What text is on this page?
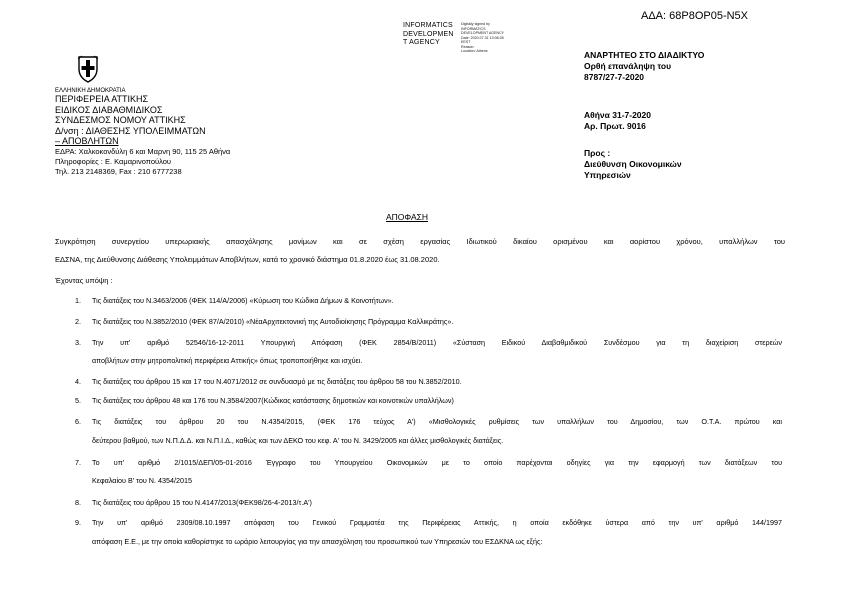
ΑΔΑ: 68Ρ8ΟΡ05-Ν5Χ
INFORMATICS
DEVELOPMEN
T AGENCY
Digitally signed by
INFORMATICS
DEVELOPMENT AGENCY
Date: 2020.07.31 13:08:28
EEST
Reason:
Location: Athens	ΑΝΑΡΤΗΤΕΟ ΣΤΟ ΔΙΑΔΙΚΤΥΟ
Ορθή επανάληψη του
8787/27-7-2020
ΕΛΛΗΝΙΚΗ ΔΗΜΟΚΡΑΤΙΑ
ΠΕΡΙΦΕΡΕΙΑ ΑΤΤΙΚΗΣ
ΕΙΔΙΚΟΣ ΔΙΑΒΑΘΜΙΔΙΚΟΣ
ΣΥΝΔΕΣΜΟΣ ΝΟΜΟΥ ΑΤΤΙΚΗΣ
Δ/νση : ΔΙΑΘΕΣΗΣ ΥΠΟΛΕΙΜΜΑΤΩΝ
– ΑΠΟΒΛΗΤΩΝ
ΕΔΡΑ: Χαλκοκονδύλη 6 και Μαρνη 90, 115 25 Αθήνα
Πληροφορίες : Ε. Καμαρινοπούλου
Τηλ. 213 2148369, Fax : 210 6777238
Αθήνα 31-7-2020
Αρ. Πρωτ. 9016
Προς :
Διεύθυνση Οικονομικών
Υπηρεσιών
ΑΠΟΦΑΣΗ
Συγκρότηση συνεργείου υπερωριακής απασχόλησης μονίμων και σε σχέση εργασίας Ιδιωτικού δικαίου ορισμένου και αορίστου χρόνου, υπαλλήλων του
ΕΔΣΝΑ, της Διεύθυνσης Διάθεσης Υπολειμμάτων Αποβλήτων, κατά το χρονικό διάστημα 01.8.2020 έως 31.08.2020.
Έχοντας υπόψη :
1. Τις διατάξεις του Ν.3463/2006 (ΦΕΚ 114/Α/2006) «Κύρωση του Κώδικα Δήμων & Κοινοτήτων».
2. Τις διατάξεις του Ν.3852/2010 (ΦΕΚ 87/Α/2010) «ΝέαΑρχιτεκτονική της Αυτοδιοίκησης Πρόγραμμα Καλλικράτης».
3. Την υπ' αριθμό 52546/16-12-2011 Υπουργική Απόφαση (ΦΕΚ 2854/Β/2011) «Σύσταση Ειδικού Διαβαθμιδικού Συνδέσμου για τη διαχείριση στερεών
αποβλήτων στην μητροπολιτική περιφέρεια Αττικής» όπως τροποποιήθηκε και ισχύει.
4. Τις διατάξεις του άρθρου 15 και 17 του Ν.4071/2012 σε συνδυασμό με τις διατάξεις του άρθρου 58 του Ν.3852/2010.
5. Τις διατάξεις του άρθρου 48 και 176 του Ν.3584/2007(Κώδικας κατάστασης δημοτικών και κοινοτικών υπαλλήλων)
6. Τις διατάξεις του άρθρου 20 του Ν.4354/2015, (ΦΕΚ 176 τεύχος Α') «Μισθολογικές ρυθμίσεις των υπαλλήλων του Δημοσίου, των Ο.Τ.Α. πρώτου και
δεύτερου βαθμού, των Ν.Π.Δ.Δ. και Ν.Π.Ι.Δ., καθώς και των ΔΕΚΟ του κεφ. Α' του Ν. 3429/2005 και άλλες μισθολογικές διατάξεις.
7. Το υπ' αριθμό 2/1015/ΔΕΠ/05-01-2016 Έγγραφο του Υπουργείου Οικονομικών με το οποίο παρέχονται οδηγίες για την εφαρμογή των διατάξεων του
Κεφαλαίου Β' του Ν. 4354/2015
8. Τις διατάξεις του άρθρου 15 του Ν.4147/2013(ΦΕΚ98/26-4-2013/τ.Α')
9. Την υπ' αριθμό 2309/08.10.1997 απόφαση του Γενικού Γραμματέα της Περιφέρειας Αττικής, η οποία εκδόθηκε ύστερα από την υπ' αριθμό 144/1997
απόφαση Ε.Ε., με την οποία καθορίστηκε το ωράριο λειτουργίας για την απασχόληση του προσωπικού των Υπηρεσιών του ΕΣΔΚΝΑ ως εξής:
